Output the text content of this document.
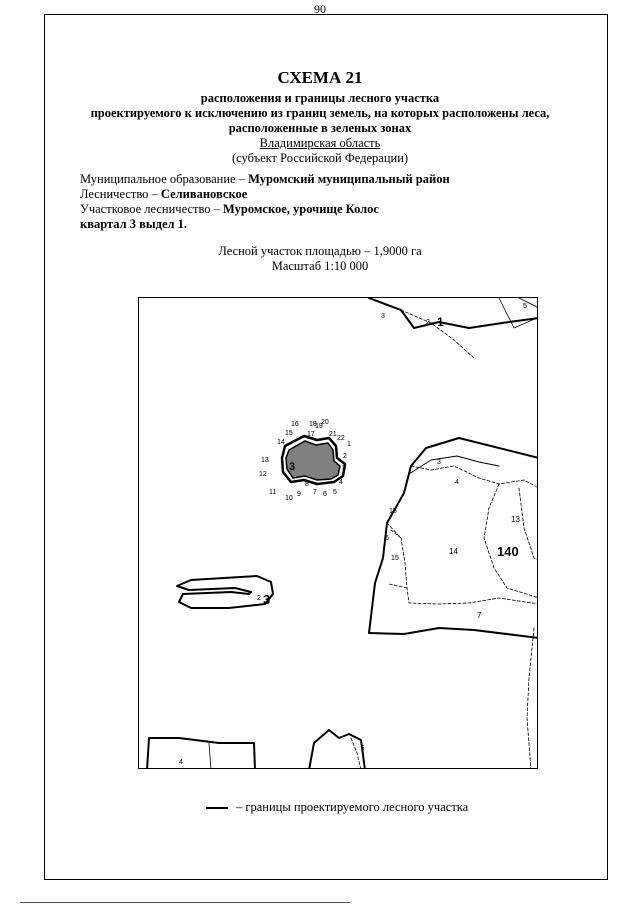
90
СХЕМА 21
расположения и границы лесного участка
проектируемого к исключению из границ земель, на которых расположены леса,
расположенные в зеленых зонах
Владимирская область
(субъект Российской Федерации)
Муниципальное образование – Муромский муниципальный район
Лесничество – Селивановское
Участковое лесничество – Муромское, урочище Колос
квартал 3 выдел 1.
Лесной участок площадью – 1,9000 га
Масштаб 1:10 000
1
2
3
4
5
6
7
8
9
10
11
12
13
14
15
16
17
18
19
20
21
22
3
3
2 1
5
3
4
13
15
6
15
14	140
7
2 3
4
5
– границы проектируемого лесного участка
